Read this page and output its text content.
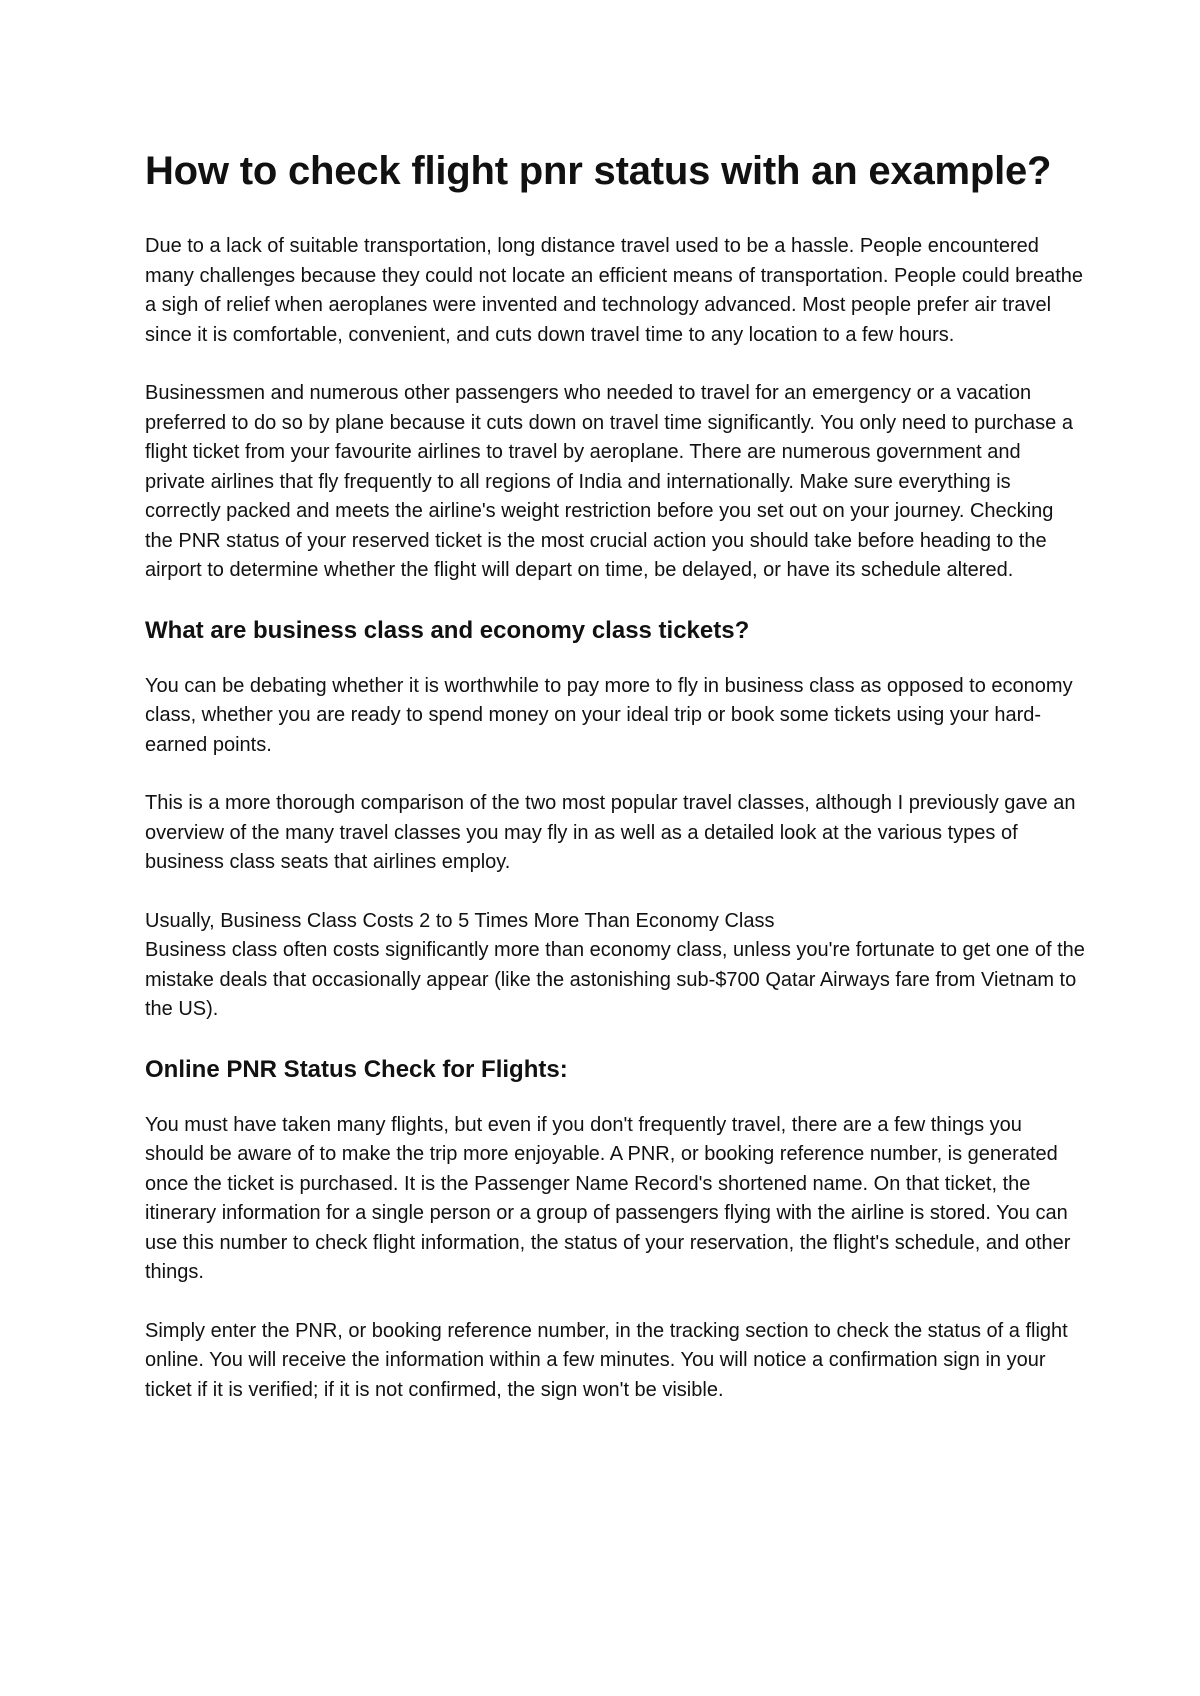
How to check flight pnr status with an example?

Due to a lack of suitable transportation, long distance travel used to be a hassle. People encountered many challenges because they could not locate an efficient means of transportation. People could breathe a sigh of relief when aeroplanes were invented and technology advanced. Most people prefer air travel since it is comfortable, convenient, and cuts down travel time to any location to a few hours.

Businessmen and numerous other passengers who needed to travel for an emergency or a vacation preferred to do so by plane because it cuts down on travel time significantly. You only need to purchase a flight ticket from your favourite airlines to travel by aeroplane. There are numerous government and private airlines that fly frequently to all regions of India and internationally. Make sure everything is correctly packed and meets the airline's weight restriction before you set out on your journey. Checking the PNR status of your reserved ticket is the most crucial action you should take before heading to the airport to determine whether the flight will depart on time, be delayed, or have its schedule altered.

What are business class and economy class tickets?

You can be debating whether it is worthwhile to pay more to fly in business class as opposed to economy class, whether you are ready to spend money on your ideal trip or book some tickets using your hard-earned points.

This is a more thorough comparison of the two most popular travel classes, although I previously gave an overview of the many travel classes you may fly in as well as a detailed look at the various types of business class seats that airlines employ.

Usually, Business Class Costs 2 to 5 Times More Than Economy Class
Business class often costs significantly more than economy class, unless you're fortunate to get one of the mistake deals that occasionally appear (like the astonishing sub-$700 Qatar Airways fare from Vietnam to the US).

Online PNR Status Check for Flights:

You must have taken many flights, but even if you don't frequently travel, there are a few things you should be aware of to make the trip more enjoyable. A PNR, or booking reference number, is generated once the ticket is purchased. It is the Passenger Name Record's shortened name. On that ticket, the itinerary information for a single person or a group of passengers flying with the airline is stored. You can use this number to check flight information, the status of your reservation, the flight's schedule, and other things.

Simply enter the PNR, or booking reference number, in the tracking section to check the status of a flight online. You will receive the information within a few minutes. You will notice a confirmation sign in your ticket if it is verified; if it is not confirmed, the sign won't be visible.
